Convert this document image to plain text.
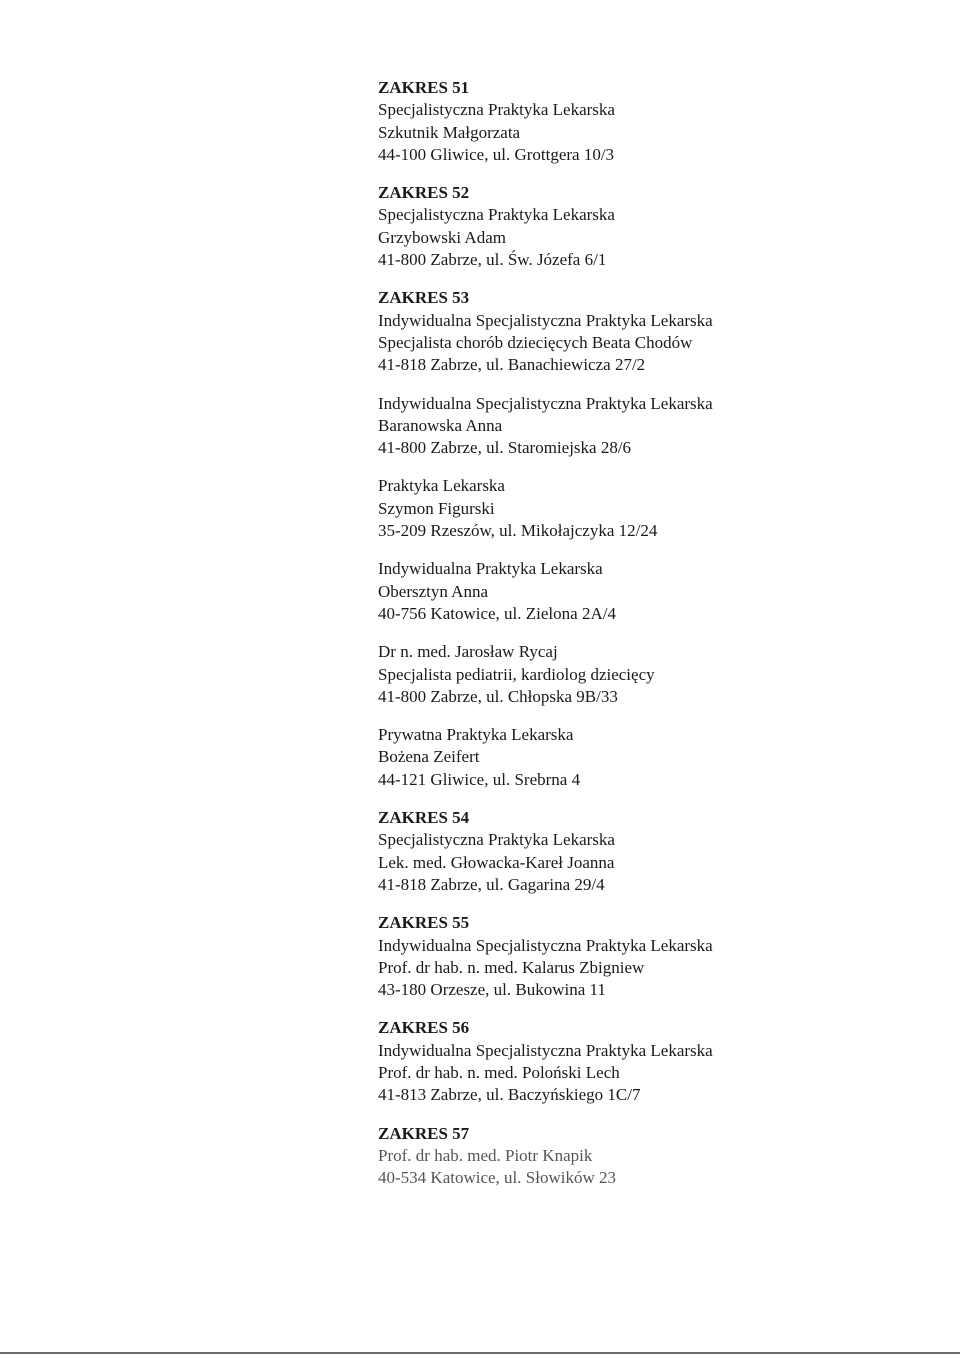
ZAKRES 51
Specjalistyczna Praktyka Lekarska
Szkutnik Małgorzata
44-100 Gliwice, ul. Grottgera 10/3
ZAKRES 52
Specjalistyczna Praktyka Lekarska
Grzybowski Adam
41-800 Zabrze, ul. Św. Józefa 6/1
ZAKRES 53
Indywidualna Specjalistyczna Praktyka Lekarska
Specjalista chorób dziecięcych Beata Chodów
41-818 Zabrze, ul. Banachiewicza 27/2
Indywidualna Specjalistyczna Praktyka Lekarska
Baranowska Anna
41-800 Zabrze, ul. Staromiejska 28/6
Praktyka Lekarska
Szymon Figurski
35-209 Rzeszów, ul. Mikołajczyka 12/24
Indywidualna Praktyka Lekarska
Obersztyn Anna
40-756 Katowice, ul. Zielona 2A/4
Dr n. med. Jarosław Rycaj
Specjalista pediatrii, kardiolog dziecięcy
41-800 Zabrze, ul. Chłopska 9B/33
Prywatna Praktyka Lekarska
Bożena Zeifert
44-121 Gliwice, ul. Srebrna 4
ZAKRES 54
Specjalistyczna Praktyka Lekarska
Lek. med. Głowacka-Kareł Joanna
41-818 Zabrze, ul. Gagarina 29/4
ZAKRES 55
Indywidualna Specjalistyczna Praktyka Lekarska
Prof. dr hab. n. med. Kalarus Zbigniew
43-180 Orzesze, ul. Bukowina 11
ZAKRES 56
Indywidualna Specjalistyczna Praktyka Lekarska
Prof. dr hab. n. med. Poloński Lech
41-813 Zabrze, ul. Baczyńskiego 1C/7
ZAKRES 57
Prof. dr hab. med. Piotr Knapik
40-534 Katowice, ul. Słowików 23
